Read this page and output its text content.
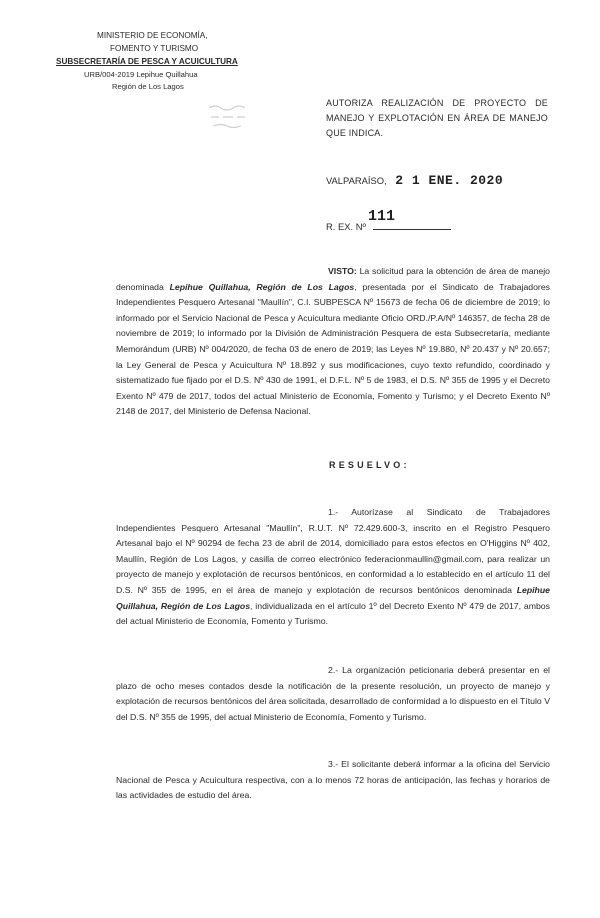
MINISTERIO DE ECONOMÍA,
FOMENTO Y TURISMO
SUBSECRETARÍA DE PESCA Y ACUICULTURA
URB/004-2019 Lepihue Quillahua
Región de Los Lagos
AUTORIZA REALIZACIÓN DE PROYECTO DE MANEJO Y EXPLOTACIÓN EN ÁREA DE MANEJO QUE INDICA.
VALPARAÍSO, 2 1 ENE. 2020
R. EX. Nº
111
VISTO: La solicitud para la obtención de área de manejo denominada Lepihue Quillahua, Región de Los Lagos, presentada por el Sindicato de Trabajadores Independientes Pesquero Artesanal "Maullín", C.I. SUBPESCA Nº 15673 de fecha 06 de diciembre de 2019; lo informado por el Servicio Nacional de Pesca y Acuicultura mediante Oficio ORD./P.A/Nº 146357, de fecha 28 de noviembre de 2019; lo informado por la División de Administración Pesquera de esta Subsecretaría, mediante Memorándum (URB) Nº 004/2020, de fecha 03 de enero de 2019; las Leyes Nº 19.880, Nº 20.437 y Nº 20.657; la Ley General de Pesca y Acuicultura Nº 18.892 y sus modificaciones, cuyo texto refundido, coordinado y sistematizado fue fijado por el D.S. Nº 430 de 1991, el D.F.L. Nº 5 de 1983, el D.S. Nº 355 de 1995 y el Decreto Exento Nº 479 de 2017, todos del actual Ministerio de Economía, Fomento y Turismo; y el Decreto Exento Nº 2148 de 2017, del Ministerio de Defensa Nacional.
RESUELVO:
1.- Autorízase al Sindicato de Trabajadores Independientes Pesquero Artesanal "Maullín", R.U.T. Nº 72.429.600-3, inscrito en el Registro Pesquero Artesanal bajo el Nº 90294 de fecha 23 de abril de 2014, domiciliado para estos efectos en O'Higgins Nº 402, Maullín, Región de Los Lagos, y casilla de correo electrónico federacionmaullin@gmail.com, para realizar un proyecto de manejo y explotación de recursos bentónicos, en conformidad a lo establecido en el artículo 11 del D.S. Nº 355 de 1995, en el área de manejo y explotación de recursos bentónicos denominada Lepihue Quillahua, Región de Los Lagos, individualizada en el artículo 1º del Decreto Exento Nº 479 de 2017, ambos del actual Ministerio de Economía, Fomento y Turismo.
2.- La organización peticionaria deberá presentar en el plazo de ocho meses contados desde la notificación de la presente resolución, un proyecto de manejo y explotación de recursos bentónicos del área solicitada, desarrollado de conformidad a lo dispuesto en el Título V del D.S. Nº 355 de 1995, del actual Ministerio de Economía, Fomento y Turismo.
3.- El solicitante deberá informar a la oficina del Servicio Nacional de Pesca y Acuicultura respectiva, con a lo menos 72 horas de anticipación, las fechas y horarios de las actividades de estudio del área.
